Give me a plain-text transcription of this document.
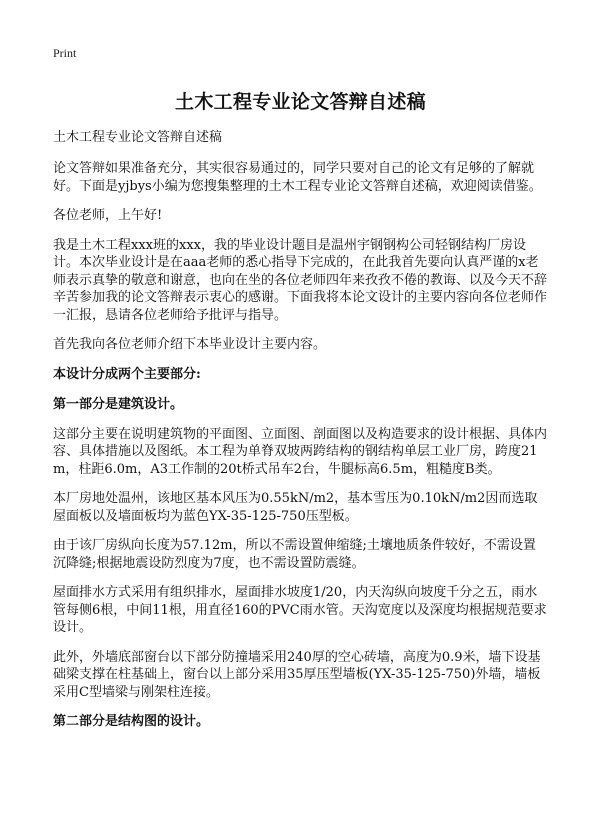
Print

土木工程专业论文答辩自述稿

土木工程专业论文答辩自述稿

论文答辩如果准备充分，其实很容易通过的，同学只要对自己的论文有足够的了解就好。下面是yjbys小编为您搜集整理的土木工程专业论文答辩自述稿，欢迎阅读借鉴。

各位老师，上午好!

我是土木工程xxx班的xxx，我的毕业设计题目是温州宇钢钢构公司轻钢结构厂房设计。本次毕业设计是在aaa老师的悉心指导下完成的，在此我首先要向认真严谨的x老师表示真挚的敬意和谢意，也向在坐的各位老师四年来孜孜不倦的教诲、以及今天不辞辛苦参加我的论文答辩表示衷心的感谢。下面我将本论文设计的主要内容向各位老师作一汇报，恳请各位老师给予批评与指导。

首先我向各位老师介绍下本毕业设计主要内容。

本设计分成两个主要部分:

第一部分是建筑设计。

这部分主要在说明建筑物的平面图、立面图、剖面图以及构造要求的设计根据、具体内容、具体措施以及图纸。本工程为单脊双坡两跨结构的钢结构单层工业厂房，跨度21m，柱距6.0m，A3工作制的20t桥式吊车2台，牛腿标高6.5m，粗糙度B类。

本厂房地处温州，该地区基本风压为0.55kN/m2，基本雪压为0.10kN/m2因而选取屋面板以及墙面板均为蓝色YX-35-125-750压型板。

由于该厂房纵向长度为57.12m，所以不需设置伸缩缝;土壤地质条件较好，不需设置沉降缝;根据地震设防烈度为7度，也不需设置防震缝。

屋面排水方式采用有组织排水，屋面排水坡度1/20，内天沟纵向坡度千分之五，雨水管每侧6根，中间11根，用直径160的PVC雨水管。天沟宽度以及深度均根据规范要求设计。

此外，外墙底部窗台以下部分防撞墙采用240厚的空心砖墙，高度为0.9米，墙下设基础梁支撑在柱基础上，窗台以上部分采用35厚压型墙板(YX-35-125-750)外墙，墙板采用C型墙梁与刚架柱连接。

第二部分是结构图的设计。
